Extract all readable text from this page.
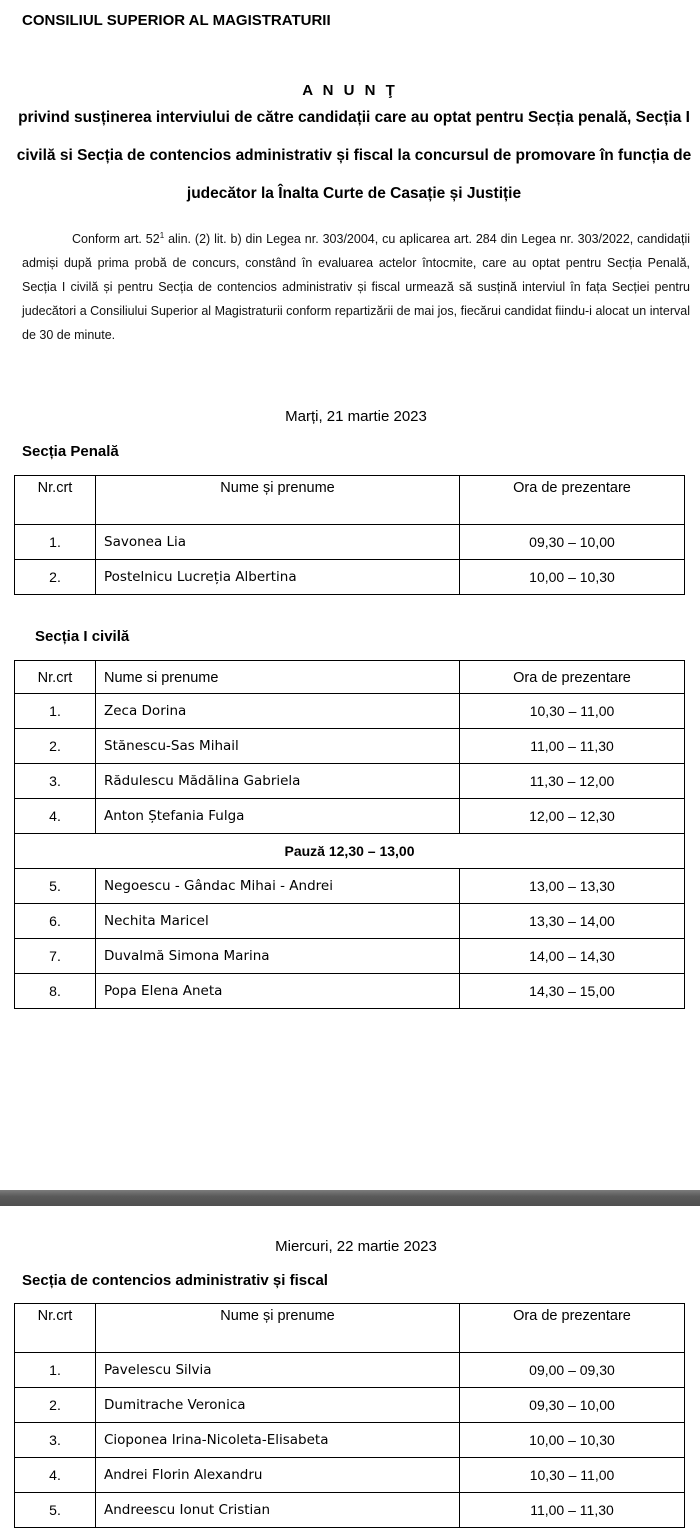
CONSILIUL SUPERIOR AL MAGISTRATURII
A N U N Ţ
privind susținerea interviului de către candidații care au optat pentru Secția penală, Secția I civilă si Secția de contencios administrativ și fiscal la concursul de promovare în funcția de judecător la Înalta Curte de Casație și Justiție
Conform art. $52^1$ alin. (2) lit. b) din Legea nr. 303/2004, cu aplicarea art. 284 din Legea nr. 303/2022, candidații admiși după prima probă de concurs, constând în evaluarea actelor întocmite, care au optat pentru Secția Penală, Secția I civilă și pentru Secția de contencios administrativ și fiscal urmează să susțină interviul în fața Secției pentru judecători a Consiliului Superior al Magistraturii conform repartizării de mai jos, fiecărui candidat fiindu-i alocat un interval de 30 de minute.
Marți, 21 martie 2023
Secția Penală
Nr.crt	Nume și prenume	Ora de prezentare
1.	Savonea Lia	09,30 – 10,00
2.	Postelnicu Lucreția Albertina	10,00 – 10,30
Secția I civilă
Nr.crt	Nume si prenume	Ora de prezentare
1.	Zeca Dorina	10,30 – 11,00
2.	Stănescu-Sas Mihail	11,00 – 11,30
3.	Rădulescu Mădălina Gabriela	11,30 – 12,00
4.	Anton Ștefania Fulga	12,00 – 12,30
Pauză 12,30 – 13,00		
5.	Negoescu - Gândac Mihai - Andrei	13,00 – 13,30
6.	Nechita Maricel	13,30 – 14,00
7.	Duvalmă Simona Marina	14,00 – 14,30
8.	Popa Elena Aneta	14,30 – 15,00
Miercuri, 22 martie 2023
Secția de contencios administrativ și fiscal
Nr.crt	Nume și prenume	Ora de prezentare
1.	Pavelescu Silvia	09,00 – 09,30
2.	Dumitrache Veronica	09,30 – 10,00
3.	Cioponea Irina-Nicoleta-Elisabeta	10,00 – 10,30
4.	Andrei Florin Alexandru	10,30 – 11,00
5.	Andreescu Ionut Cristian	11,00 – 11,30
